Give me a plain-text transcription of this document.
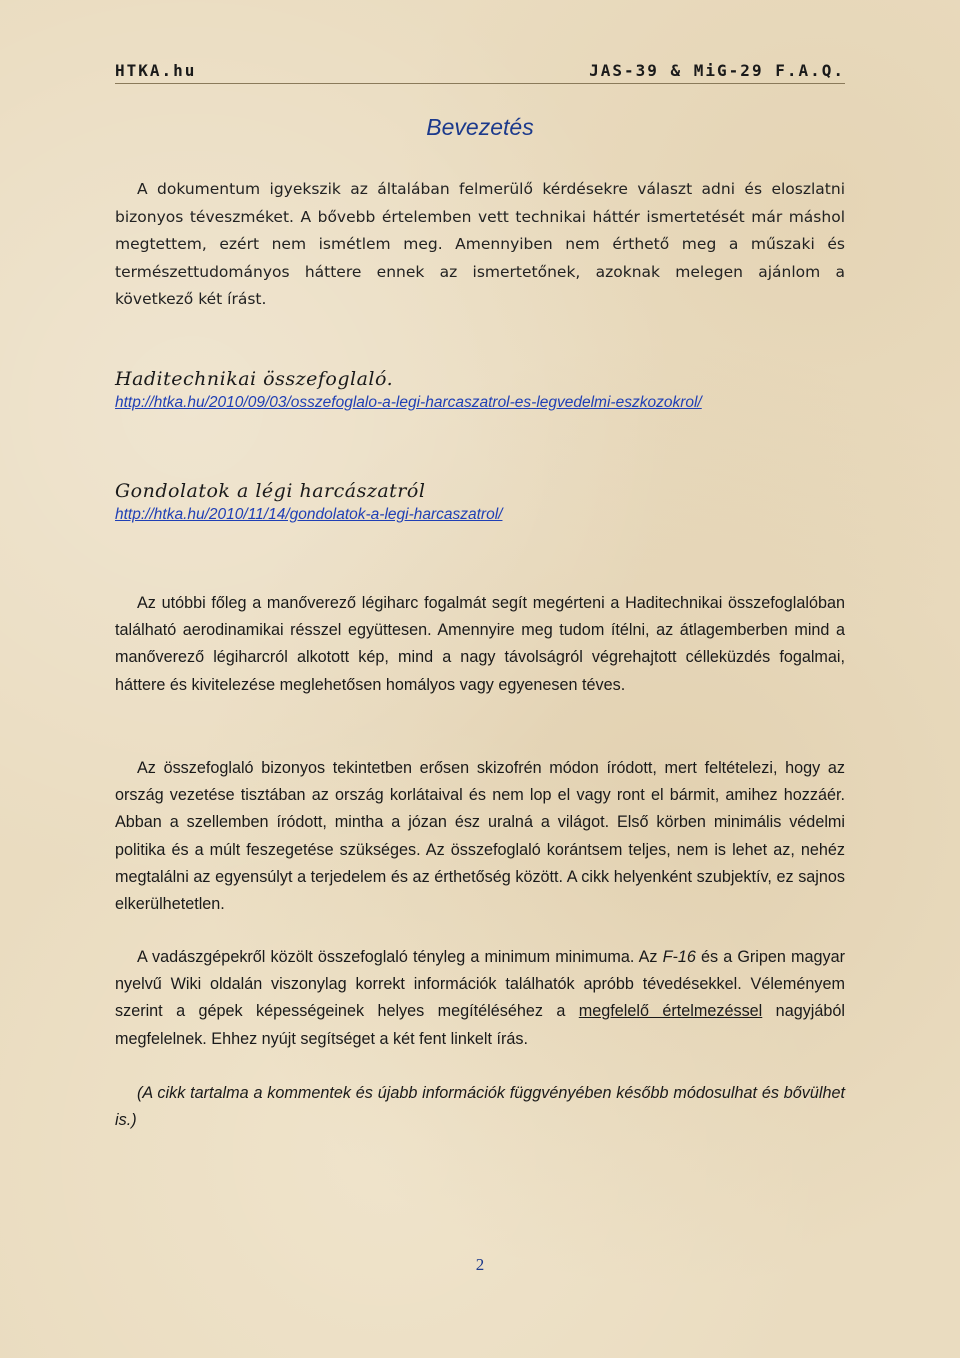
HTKA.hu	JAS-39 & MiG-29 F.A.Q.
Bevezetés
A dokumentum igyekszik az általában felmerülő kérdésekre választ adni és eloszlatni bizonyos téveszméket. A bővebb értelemben vett technikai háttér ismertetését már máshol megtettem, ezért nem ismétlem meg. Amennyiben nem érthető meg a műszaki és természettudományos háttere ennek az ismertetőnek, azoknak melegen ajánlom a következő két írást.
Haditechnikai összefoglaló.
http://htka.hu/2010/09/03/osszefoglalo-a-legi-harcaszatrol-es-legvedelmi-eszkozokrol/
Gondolatok a légi harcászatról
http://htka.hu/2010/11/14/gondolatok-a-legi-harcaszatrol/

Az utóbbi főleg a manőverező légiharc fogalmát segít megérteni a Haditechnikai összefoglalóban található aerodinamikai résszel együttesen. Amennyire meg tudom ítélni, az átlagemberben mind a manőverező légiharcról alkotott kép, mind a nagy távolságról végrehajtott célleküzdés fogalmai, háttere és kivitelezése meglehetősen homályos vagy egyenesen téves.

Az összefoglaló bizonyos tekintetben erősen skizofrén módon íródott, mert feltételezi, hogy az ország vezetése tisztában az ország korlátaival és nem lop el vagy ront el bármit, amihez hozzáér. Abban a szellemben íródott, mintha a józan ész uralná a világot. Első körben minimális védelmi politika és a múlt feszegetése szükséges. Az összefoglaló korántsem teljes, nem is lehet az, nehéz megtalálni az egyensúlyt a terjedelem és az érthetőség között. A cikk helyenként szubjektív, ez sajnos elkerülhetetlen.

A vadászgépekről közölt összefoglaló tényleg a minimum minimuma. Az F-16 és a Gripen magyar nyelvű Wiki oldalán viszonylag korrekt információk találhatók apróbb tévedésekkel. Véleményem szerint a gépek képességeinek helyes megítéléséhez a megfelelő értelmezéssel nagyjából megfelelnek. Ehhez nyújt segítséget a két fent linkelt írás.

(A cikk tartalma a kommentek és újabb információk függvényében később módosulhat és bővülhet is.)

2
